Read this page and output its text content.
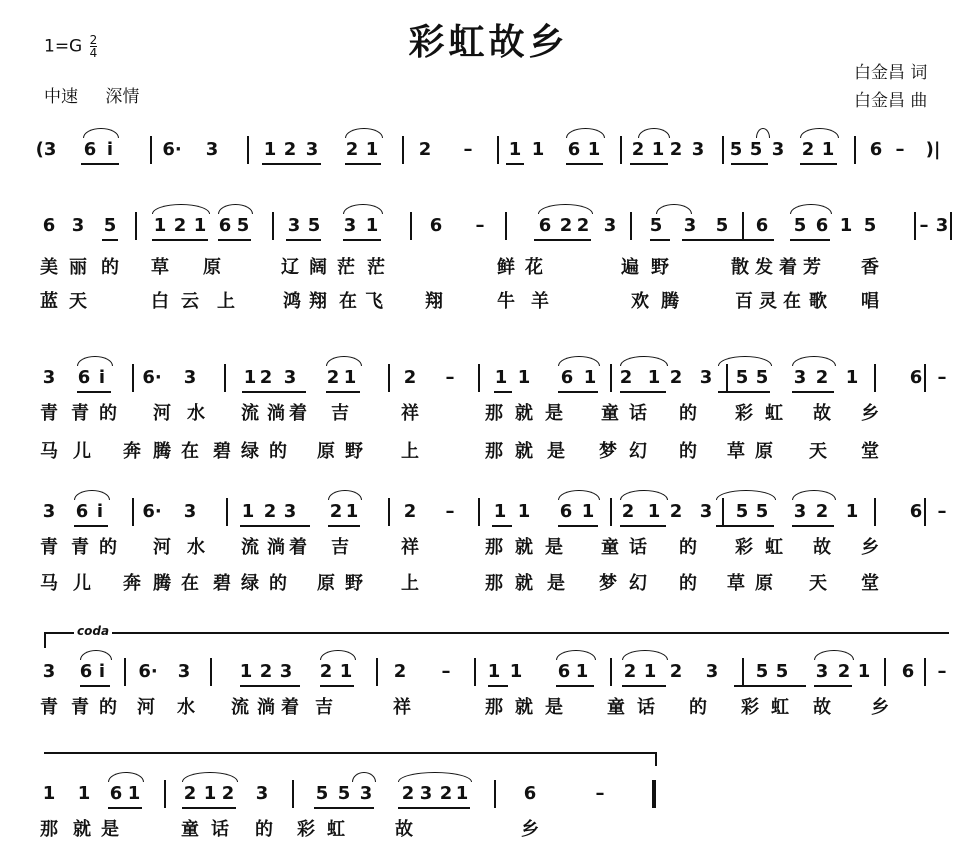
彩虹故乡
$1=G \frac{2}{4}$
中速 深情
白金昌 词
白金昌 曲
coda
(3 6 i	6· 3	1 2 3 2 1 2 – 1 1 6 1 2 1 2 3 5 5 3 2 1 6 – )|
6 3 5 1 2 1 6 5 3 5 3 1	6 –	6 2 2 3 5 3 5 6 5 6 1 5	3
–
美 丽 的 草 原	辽 阔 茫 茫	鲜 花	遍 野	散 发 着 芳 香
蓝 天	白 云 上	鸿 翔 在 飞 翔	牛 羊	欢 腾	百 灵 在 歌 唱
3 6 i 6· 3	1 2 3 2 1	2 – 1 1 6 1 2 1 2 3 5 5 3 2 1	6 –
青 青 的 河 水 流 淌 着 吉	祥	那 就 是 童 话 的 彩 虹 故 乡
马 儿 奔 腾 在 碧 绿 的 原 野 上	那 就 是 梦 幻 的 草 原 天 堂
3 6 i 6· 3	1 2 3 2 1	2 – 1 1 6 1 2 1 2 3 5 5 3 2 1	6 –
青 青 的 河 水 流 淌 着 吉	祥	那 就 是 童 话 的 彩 虹 故 乡
马 儿 奔 腾 在 碧 绿 的 原 野 上	那 就 是 梦 幻 的 草 原 天 堂
3 6 i 6· 3	1 2 3 2 1 2 – 1 1 6 1 2 1 2 3 5 5 3 2 1 6 –
青 青 的 河 水 流 淌 着 吉	祥	那 就 是 童 话 的 彩 虹 故 乡
1 1 6 1 2 1 2 3	5 5 3 2 3 2 1	6	–
那 就 是	童 话 的 彩 虹	故	乡
